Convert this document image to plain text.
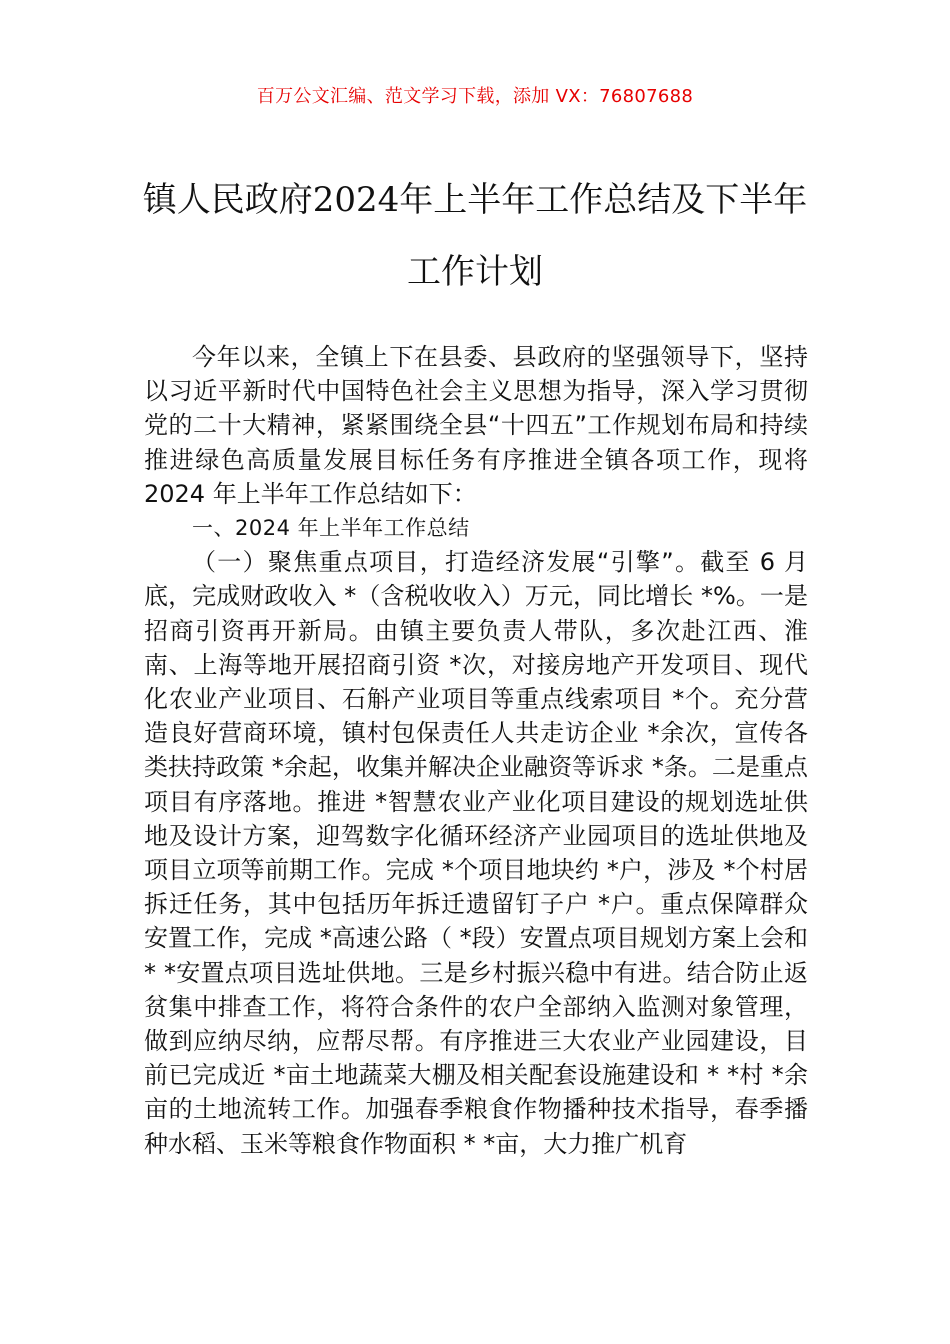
百万公文汇编、范文学习下载，添加 VX：76807688
镇人民政府2024年上半年工作总结及下半年工作计划

今年以来，全镇上下在县委、县政府的坚强领导下，坚持以习近平新时代中国特色社会主义思想为指导，深入学习贯彻党的二十大精神，紧紧围绕全县“十四五”工作规划布局和持续推进绿色高质量发展目标任务有序推进全镇各项工作，现将 2024 年上半年工作总结如下：

一、2024 年上半年工作总结

（一）聚焦重点项目，打造经济发展“引擎”。截至 6 月底，完成财政收入 *（含税收收入）万元，同比增长 *%。一是招商引资再开新局。由镇主要负责人带队，多次赴江西、淮南、上海等地开展招商引资 *次，对接房地产开发项目、现代化农业产业项目、石斛产业项目等重点线索项目 *个。充分营造良好营商环境，镇村包保责任人共走访企业 *余次，宣传各类扶持政策 *余起，收集并解决企业融资等诉求 *条。二是重点项目有序落地。推进 *智慧农业产业化项目建设的规划选址供地及设计方案，迎驾数字化循环经济产业园项目的选址供地及项目立项等前期工作。完成 *个项目地块约 *户，涉及 *个村居拆迁任务，其中包括历年拆迁遗留钉子户 *户。重点保障群众安置工作，完成 *高速公路（ *段）安置点项目规划方案上会和 * *安置点项目选址供地。三是乡村振兴稳中有进。结合防止返贫集中排查工作，将符合条件的农户全部纳入监测对象管理，做到应纳尽纳，应帮尽帮。有序推进三大农业产业园建设，目前已完成近 *亩土地蔬菜大棚及相关配套设施建设和 * *村 *余亩的土地流转工作。加强春季粮食作物播种技术指导，春季播种水稻、玉米等粮食作物面积 * *亩，大力推广机育
